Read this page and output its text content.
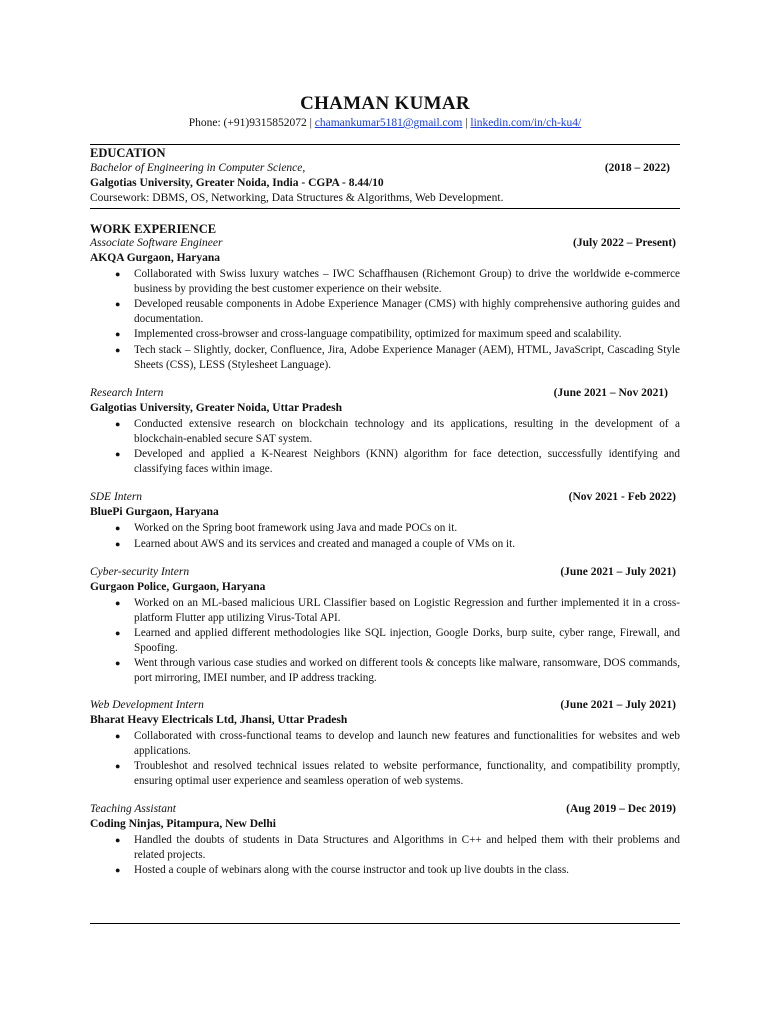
CHAMAN KUMAR
Phone: (+91)9315852072 | chamankumar5181@gmail.com | linkedin.com/in/ch-ku4/
EDUCATION
Bachelor of Engineering in Computer Science,	(2018 – 2022)
Galgotias University, Greater Noida, India - CGPA - 8.44/10
Coursework: DBMS, OS, Networking, Data Structures & Algorithms, Web Development.
WORK EXPERIENCE
Associate Software Engineer	(July 2022 – Present)
AKQA Gurgaon, Haryana
● Collaborated with Swiss luxury watches – IWC Schaffhausen (Richemont Group) to drive the worldwide e-commerce business by providing the best customer experience on their website.
● Developed reusable components in Adobe Experience Manager (CMS) with highly comprehensive authoring guides and documentation.
● Implemented cross-browser and cross-language compatibility, optimized for maximum speed and scalability.
● Tech stack – Slightly, docker, Confluence, Jira, Adobe Experience Manager (AEM), HTML, JavaScript, Cascading Style Sheets (CSS), LESS (Stylesheet Language).
Research Intern	(June 2021 – Nov 2021)
Galgotias University, Greater Noida, Uttar Pradesh
● Conducted extensive research on blockchain technology and its applications, resulting in the development of a blockchain-enabled secure SAT system.
● Developed and applied a K-Nearest Neighbors (KNN) algorithm for face detection, successfully identifying and classifying faces within image.
SDE Intern	(Nov 2021 - Feb 2022)
BluePi Gurgaon, Haryana
● Worked on the Spring boot framework using Java and made POCs on it.
● Learned about AWS and its services and created and managed a couple of VMs on it.
Cyber-security Intern	(June 2021 – July 2021)
Gurgaon Police, Gurgaon, Haryana
● Worked on an ML-based malicious URL Classifier based on Logistic Regression and further implemented it in a cross-platform Flutter app utilizing Virus-Total API.
● Learned and applied different methodologies like SQL injection, Google Dorks, burp suite, cyber range, Firewall, and Spoofing.
● Went through various case studies and worked on different tools & concepts like malware, ransomware, DOS commands, port mirroring, IMEI number, and IP address tracking.
Web Development Intern	(June 2021 – July 2021)
Bharat Heavy Electricals Ltd, Jhansi, Uttar Pradesh
● Collaborated with cross-functional teams to develop and launch new features and functionalities for websites and web applications.
● Troubleshot and resolved technical issues related to website performance, functionality, and compatibility promptly, ensuring optimal user experience and seamless operation of web systems.
Teaching Assistant	(Aug 2019 – Dec 2019)
Coding Ninjas, Pitampura, New Delhi
● Handled the doubts of students in Data Structures and Algorithms in C++ and helped them with their problems and related projects.
● Hosted a couple of webinars along with the course instructor and took up live doubts in the class.
